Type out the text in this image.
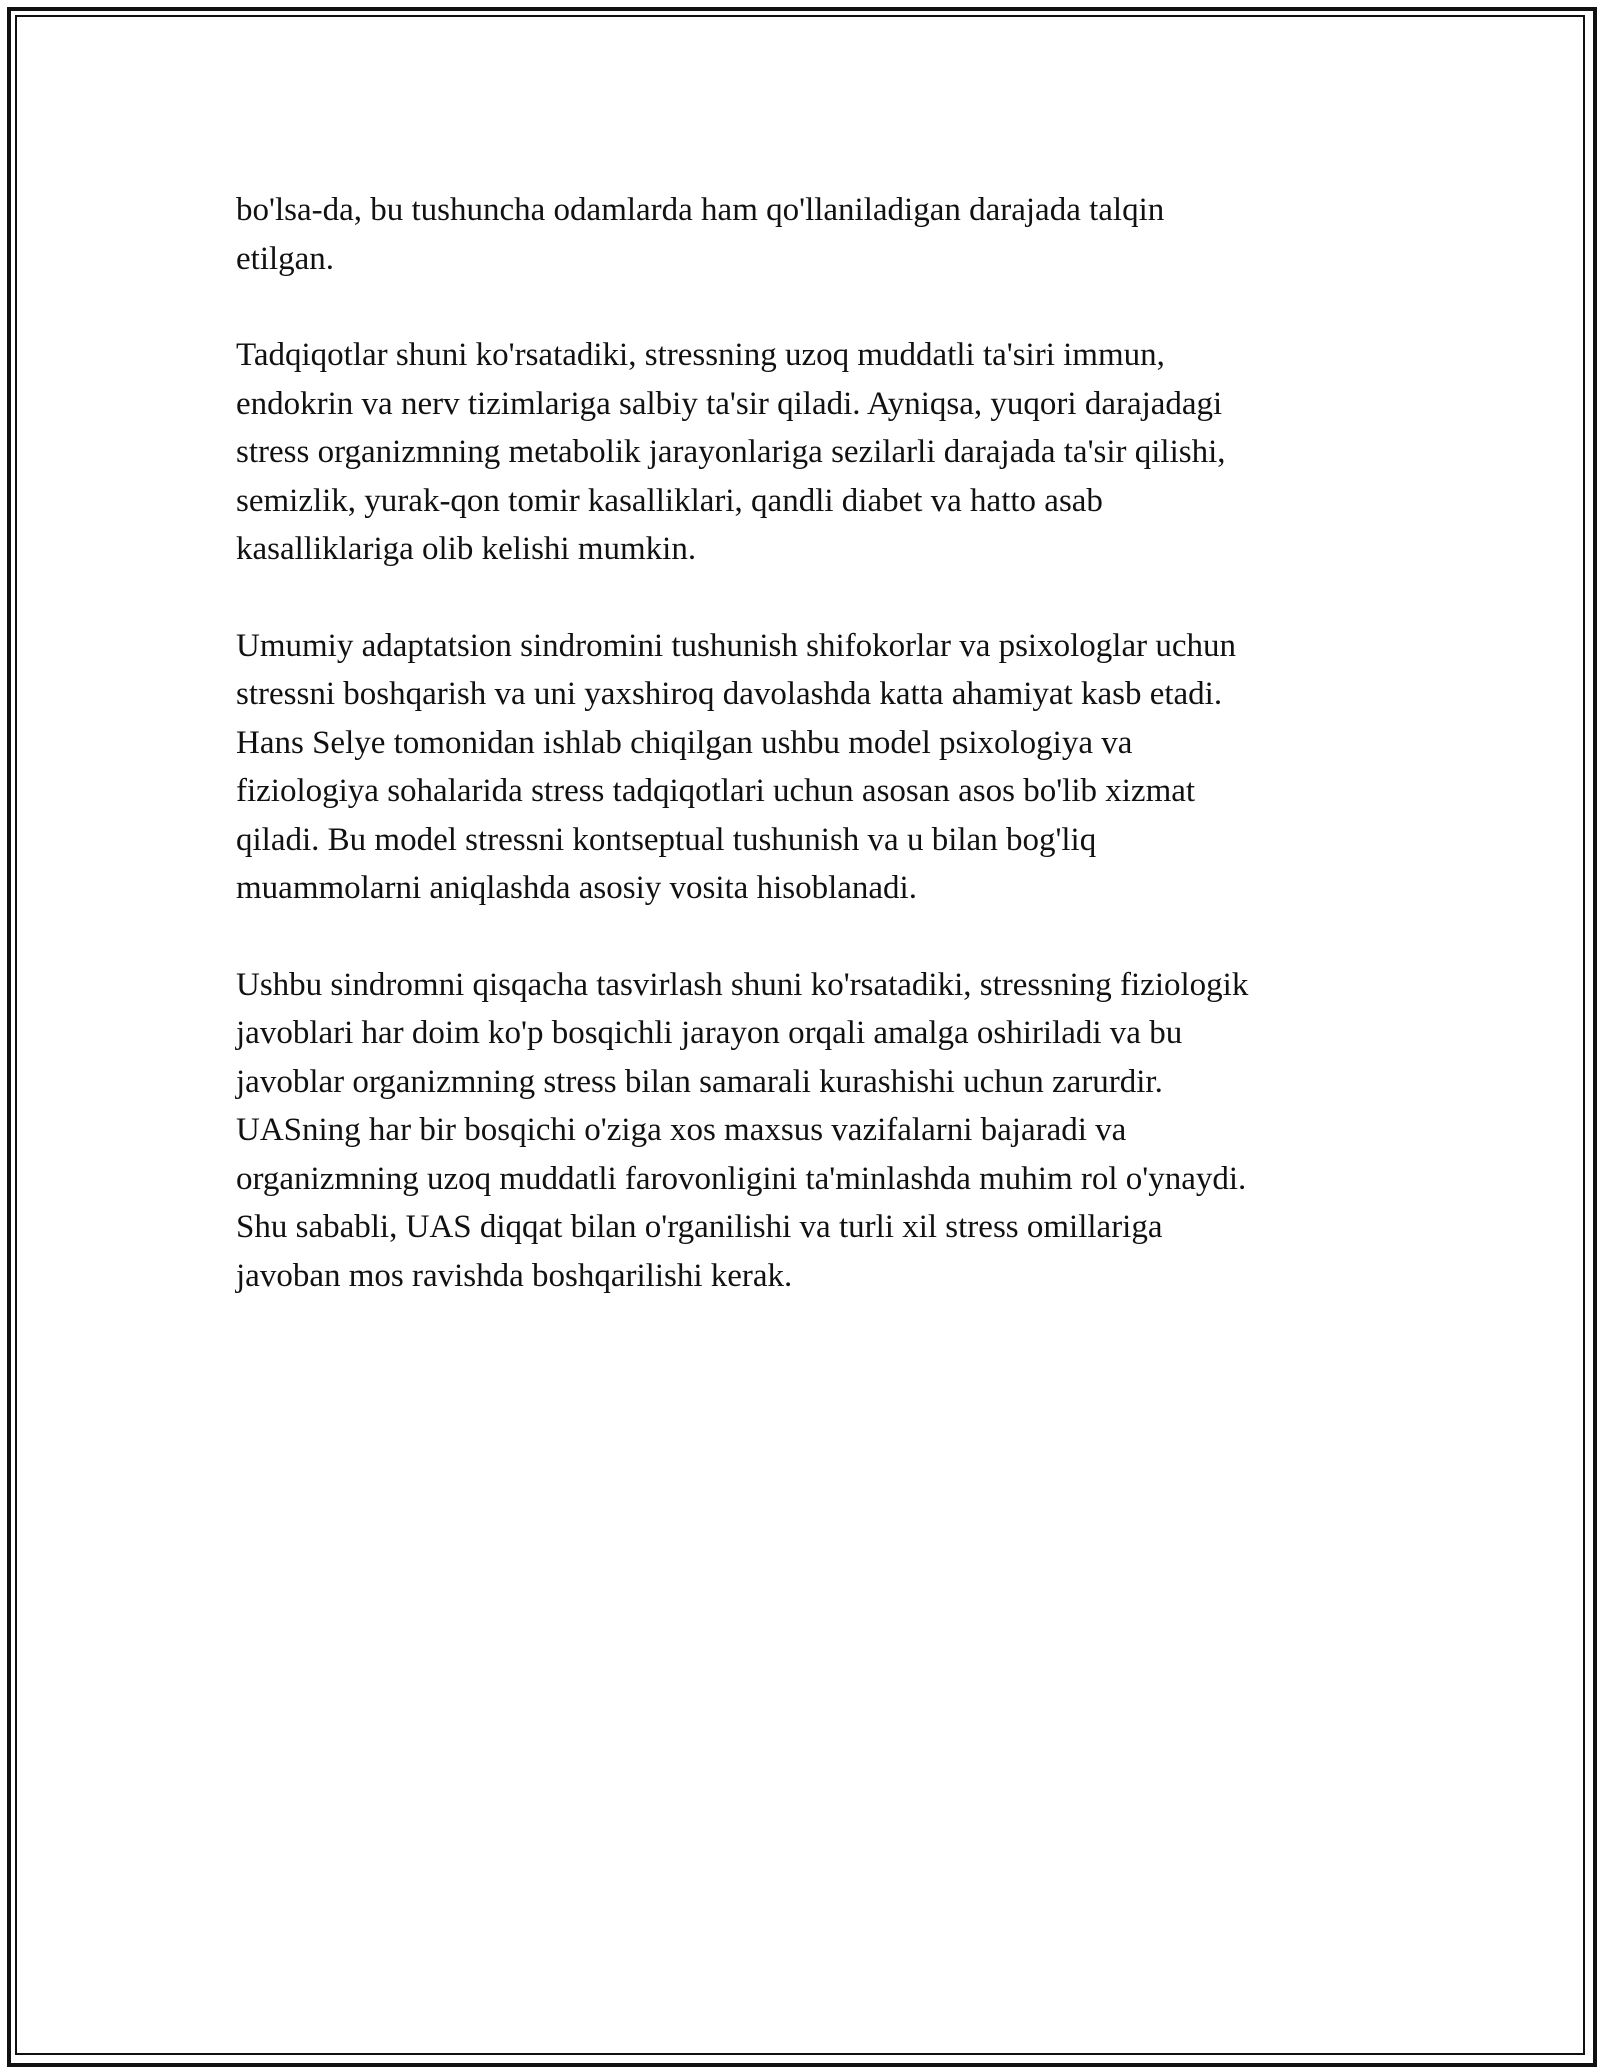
bo'lsa-da, bu tushuncha odamlarda ham qo'llaniladigan darajada talqin
etilgan.

Tadqiqotlar shuni ko'rsatadiki, stressning uzoq muddatli ta'siri immun,
endokrin va nerv tizimlariga salbiy ta'sir qiladi. Ayniqsa, yuqori darajadagi
stress organizmning metabolik jarayonlariga sezilarli darajada ta'sir qilishi,
semizlik, yurak-qon tomir kasalliklari, qandli diabet va hatto asab
kasalliklariga olib kelishi mumkin.

Umumiy adaptatsion sindromini tushunish shifokorlar va psixologlar uchun
stressni boshqarish va uni yaxshiroq davolashda katta ahamiyat kasb etadi.
Hans Selye tomonidan ishlab chiqilgan ushbu model psixologiya va
fiziologiya sohalarida stress tadqiqotlari uchun asosan asos bo'lib xizmat
qiladi. Bu model stressni kontseptual tushunish va u bilan bog'liq
muammolarni aniqlashda asosiy vosita hisoblanadi.

Ushbu sindromni qisqacha tasvirlash shuni ko'rsatadiki, stressning fiziologik
javoblari har doim ko'p bosqichli jarayon orqali amalga oshiriladi va bu
javoblar organizmning stress bilan samarali kurashishi uchun zarurdir.
UASning har bir bosqichi o'ziga xos maxsus vazifalarni bajaradi va
organizmning uzoq muddatli farovonligini ta'minlashda muhim rol o'ynaydi.
Shu sababli, UAS diqqat bilan o'rganilishi va turli xil stress omillariga
javoban mos ravishda boshqarilishi kerak.
